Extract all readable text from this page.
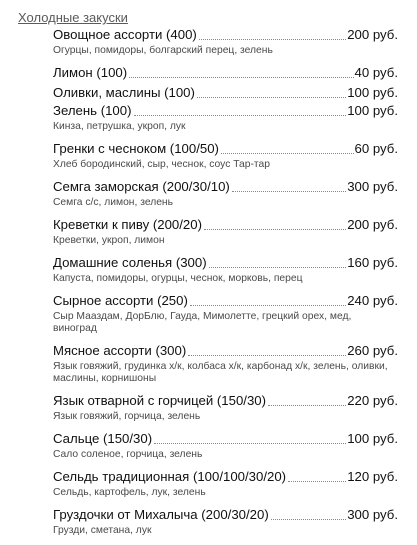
Холодные закуски
Овощное ассорти (400)	200 руб.
Огурцы, помидоры, болгарский перец, зелень
Лимон (100)	40 руб.
Оливки, маслины (100)	100 руб.
Зелень (100)	100 руб.
Кинза, петрушка, укроп, лук
Гренки с чесноком (100/50)	60 руб.
Хлеб бородинский, сыр, чеснок, соус Тар-тар
Семга заморская (200/30/10)	300 руб.
Семга с/с, лимон, зелень
Креветки к пиву (200/20)	200 руб.
Креветки, укроп, лимон
Домашние соленья (300)	160 руб.
Капуста, помидоры, огурцы, чеснок, морковь, перец
Сырное ассорти (250)	240 руб.
Сыр Мааздам, ДорБлю, Гауда, Мимолетте, грецкий орех, мед, виноград
Мясное ассорти (300)	260 руб.
Язык говяжий, грудинка х/к, колбаса х/к, карбонад х/к, зелень, оливки, маслины, корнишоны
Язык отварной с горчицей (150/30)	220 руб.
Язык говяжий, горчица, зелень
Сальце (150/30)	100 руб.
Сало соленое, горчица, зелень
Сельдь традиционная (100/100/30/20)	120 руб.
Сельдь, картофель, лук, зелень
Груздочки от Михалыча (200/30/20)	300 руб.
Грузди, сметана, лук
